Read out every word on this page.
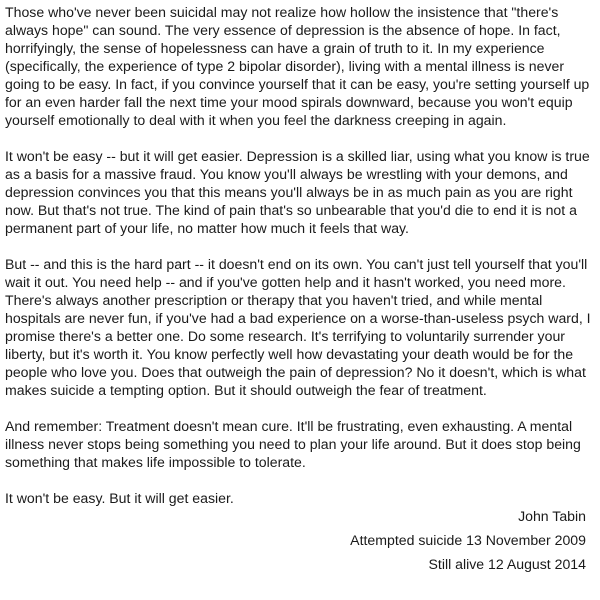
Those who've never been suicidal may not realize how hollow the insistence that "there's always hope" can sound. The very essence of depression is the absence of hope. In fact, horrifyingly, the sense of hopelessness can have a grain of truth to it. In my experience (specifically, the experience of type 2 bipolar disorder), living with a mental illness is never going to be easy. In fact, if you convince yourself that it can be easy, you're setting yourself up for an even harder fall the next time your mood spirals downward, because you won't equip yourself emotionally to deal with it when you feel the darkness creeping in again.

It won't be easy -- but it will get easier. Depression is a skilled liar, using what you know is true as a basis for a massive fraud. You know you'll always be wrestling with your demons, and depression convinces you that this means you'll always be in as much pain as you are right now. But that's not true. The kind of pain that's so unbearable that you'd die to end it is not a permanent part of your life, no matter how much it feels that way.

But -- and this is the hard part -- it doesn't end on its own. You can't just tell yourself that you'll wait it out. You need help -- and if you've gotten help and it hasn't worked, you need more. There's always another prescription or therapy that you haven't tried, and while mental hospitals are never fun, if you've had a bad experience on a worse-than-useless psych ward, I promise there's a better one. Do some research. It's terrifying to voluntarily surrender your liberty, but it's worth it. You know perfectly well how devastating your death would be for the people who love you. Does that outweigh the pain of depression? No it doesn't, which is what makes suicide a tempting option. But it should outweigh the fear of treatment.

And remember: Treatment doesn't mean cure. It'll be frustrating, even exhausting. A mental illness never stops being something you need to plan your life around. But it does stop being something that makes life impossible to tolerate.

It won't be easy. But it will get easier.

John Tabin
Attempted suicide 13 November 2009
Still alive 12 August 2014
